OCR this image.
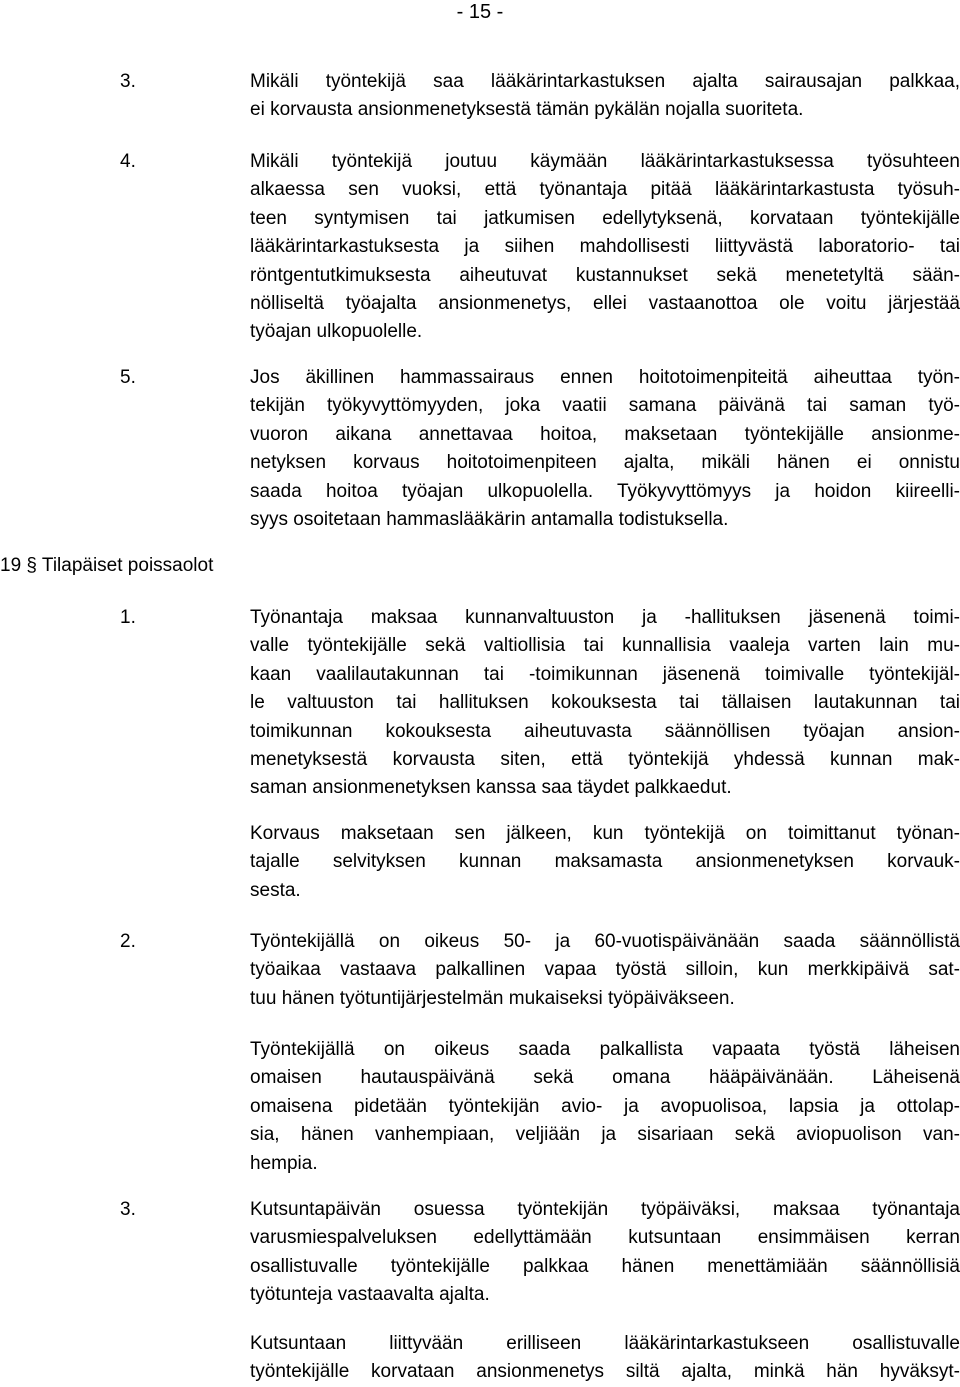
- 15 -
19 § Tilapäiset poissaolot
3.	Mikäli työntekijä saa lääkärintarkastuksen ajalta sairausajan palkkaa,
ei korvausta ansionmenetyksestä tämän pykälän nojalla suoriteta.
4.	Mikäli työntekijä joutuu käymään lääkärintarkastuksessa työsuhteen
alkaessa sen vuoksi, että työnantaja pitää lääkärintarkastusta työsuh-
teen syntymisen tai jatkumisen edellytyksenä, korvataan työntekijälle
lääkärintarkastuksesta ja siihen mahdollisesti liittyvästä laboratorio- tai
röntgentutkimuksesta aiheutuvat kustannukset sekä menetetyltä sään-
nölliseltä työajalta ansionmenetys, ellei vastaanottoa ole voitu järjestää
työajan ulkopuolelle.
5.	Jos äkillinen hammassairaus ennen hoitotoimenpiteitä aiheuttaa työn-
tekijän työkyvyttömyyden, joka vaatii samana päivänä tai saman työ-
vuoron aikana annettavaa hoitoa, maksetaan työntekijälle ansionme-
netyksen korvaus hoitotoimenpiteen ajalta, mikäli hänen ei onnistu
saada hoitoa työajan ulkopuolella. Työkyvyttömyys ja hoidon kiireelli-
syys osoitetaan hammaslääkärin antamalla todistuksella.
1.	Työnantaja maksaa kunnanvaltuuston ja -hallituksen jäsenenä toimi-
valle työntekijälle sekä valtiollisia tai kunnallisia vaaleja varten lain mu-
kaan vaalilautakunnan tai -toimikunnan jäsenenä toimivalle työntekijäl-
le valtuuston tai hallituksen kokouksesta tai tällaisen lautakunnan tai
toimikunnan kokouksesta aiheutuvasta säännöllisen työajan ansion-
menetyksestä korvausta siten, että työntekijä yhdessä kunnan mak-
saman ansionmenetyksen kanssa saa täydet palkkaedut.
Korvaus maksetaan sen jälkeen, kun työntekijä on toimittanut työnan-
tajalle selvityksen kunnan maksamasta ansionmenetyksen korvauk-
sesta.
2.	Työntekijällä on oikeus 50- ja 60-vuotispäivänään saada säännöllistä
työaikaa vastaava palkallinen vapaa työstä silloin, kun merkkipäivä sat-
tuu hänen työtuntijärjestelmän mukaiseksi työpäiväkseen.
Työntekijällä on oikeus saada palkallista vapaata työstä läheisen
omaisen hautauspäivänä sekä omana hääpäivänään. Läheisenä
omaisena pidetään työntekijän avio- ja avopuolisoa, lapsia ja ottolap-
sia, hänen vanhempiaan, veljiään ja sisariaan sekä aviopuolison van-
hempia.
3.	Kutsuntapäivän osuessa työntekijän työpäiväksi, maksaa työnantaja
varusmiespalveluksen edellyttämään kutsuntaan ensimmäisen kerran
osallistuvalle työntekijälle palkkaa hänen menettämiään säännöllisiä
työtunteja vastaavalta ajalta.
Kutsuntaan liittyvään erilliseen lääkärintarkastukseen osallistuvalle
työntekijälle korvataan ansionmenetys siltä ajalta, minkä hän hyväksyt-
